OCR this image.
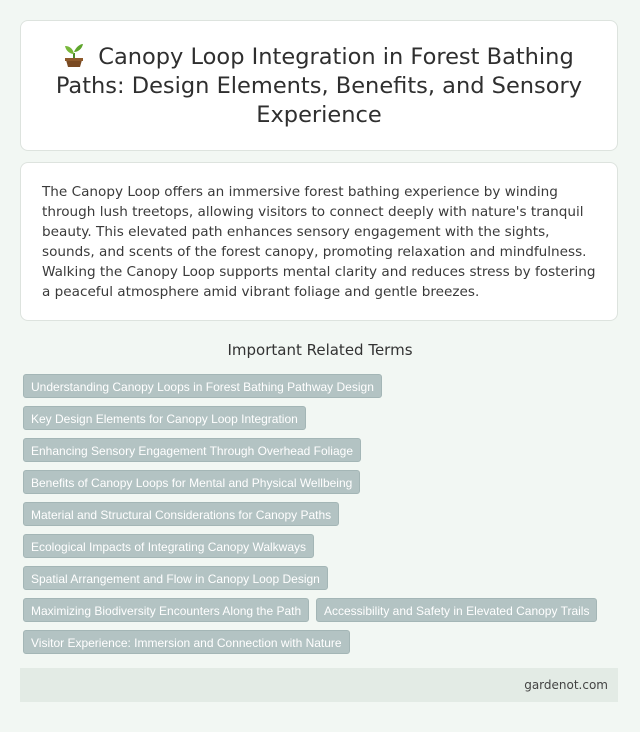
Canopy Loop Integration in Forest Bathing Paths: Design Elements, Benefits, and Sensory Experience

The Canopy Loop offers an immersive forest bathing experience by winding through lush treetops, allowing visitors to connect deeply with nature's tranquil beauty. This elevated path enhances sensory engagement with the sights, sounds, and scents of the forest canopy, promoting relaxation and mindfulness. Walking the Canopy Loop supports mental clarity and reduces stress by fostering a peaceful atmosphere amid vibrant foliage and gentle breezes.

Important Related Terms
Understanding Canopy Loops in Forest Bathing Pathway Design
Key Design Elements for Canopy Loop Integration
Enhancing Sensory Engagement Through Overhead Foliage
Benefits of Canopy Loops for Mental and Physical Wellbeing
Material and Structural Considerations for Canopy Paths
Ecological Impacts of Integrating Canopy Walkways
Spatial Arrangement and Flow in Canopy Loop Design
Maximizing Biodiversity Encounters Along the Path	Accessibility and Safety in Elevated Canopy Trails
Visitor Experience: Immersion and Connection with Nature
gardenot.com
